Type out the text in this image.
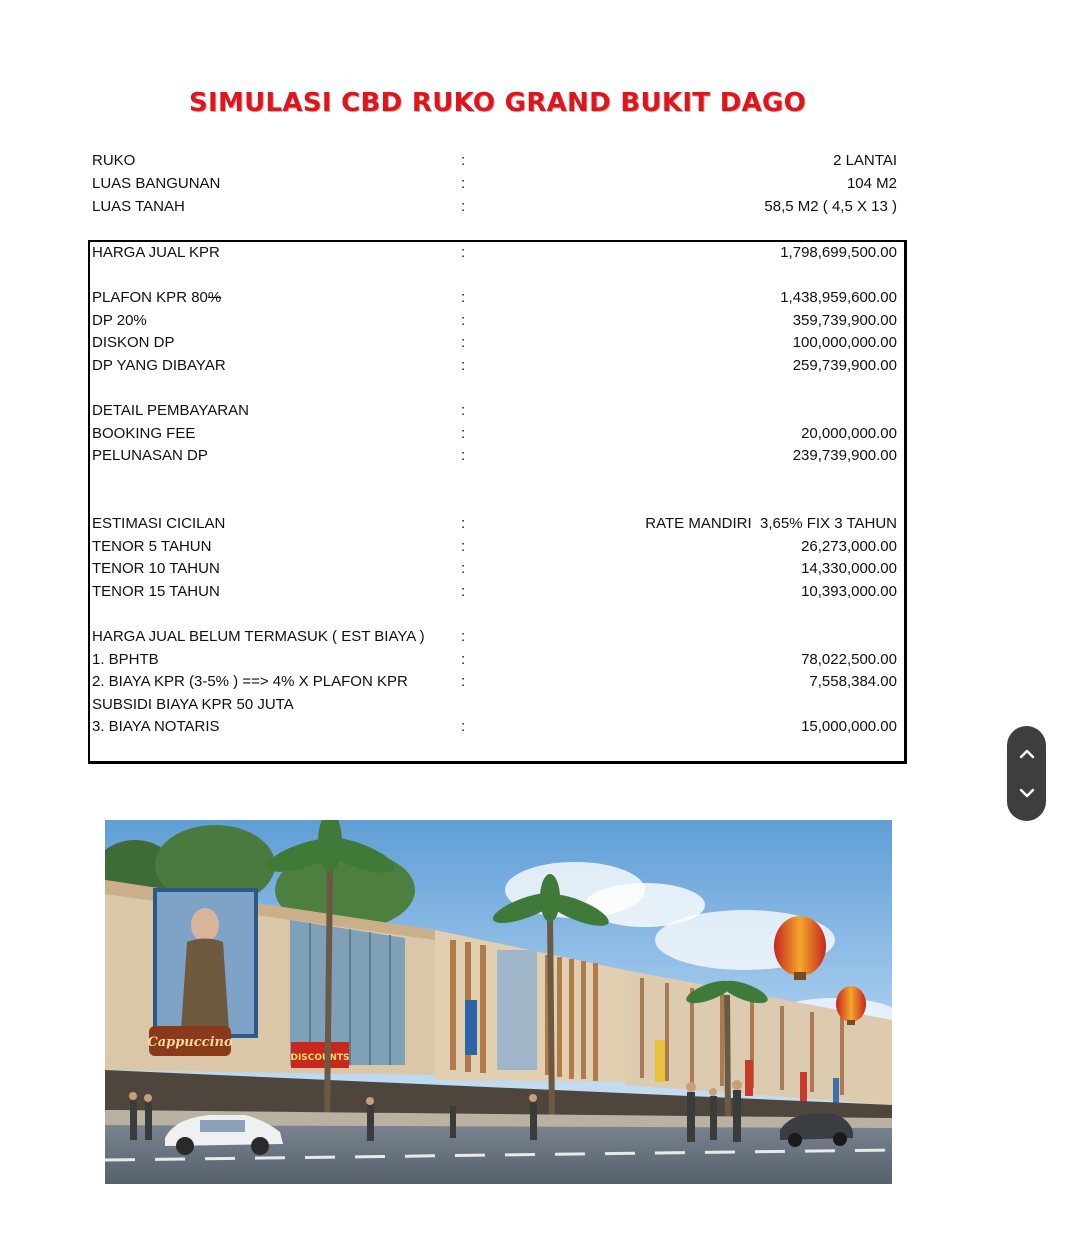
SIMULASI CBD RUKO GRAND BUKIT DAGO
RUKO	:	2 LANTAI
LUAS BANGUNAN	:	104 M2
LUAS TANAH	:	58,5 M2 ( 4,5 X 13 )
HARGA JUAL KPR	:	1,798,699,500.00
PLAFON KPR 80%	:	1,438,959,600.00
DP 20%	:	359,739,900.00
DISKON DP	:	100,000,000.00
DP YANG DIBAYAR	:	259,739,900.00
DETAIL PEMBAYARAN	:
BOOKING FEE	:	20,000,000.00
PELUNASAN DP	:	239,739,900.00
ESTIMASI CICILAN	:	RATE MANDIRI  3,65% FIX 3 TAHUN
TENOR 5 TAHUN	:	26,273,000.00
TENOR 10 TAHUN	:	14,330,000.00
TENOR 15 TAHUN	:	10,393,000.00
HARGA JUAL BELUM TERMASUK ( EST BIAYA ) :
1. BPHTB	:	78,022,500.00
2. BIAYA KPR (3-5% ) ==> 4% X PLAFON KPR	:	7,558,384.00
SUBSIDI BIAYA KPR 50 JUTA
3. BIAYA NOTARIS	:	15,000,000.00
Cappuccino
DISCOUNTS
